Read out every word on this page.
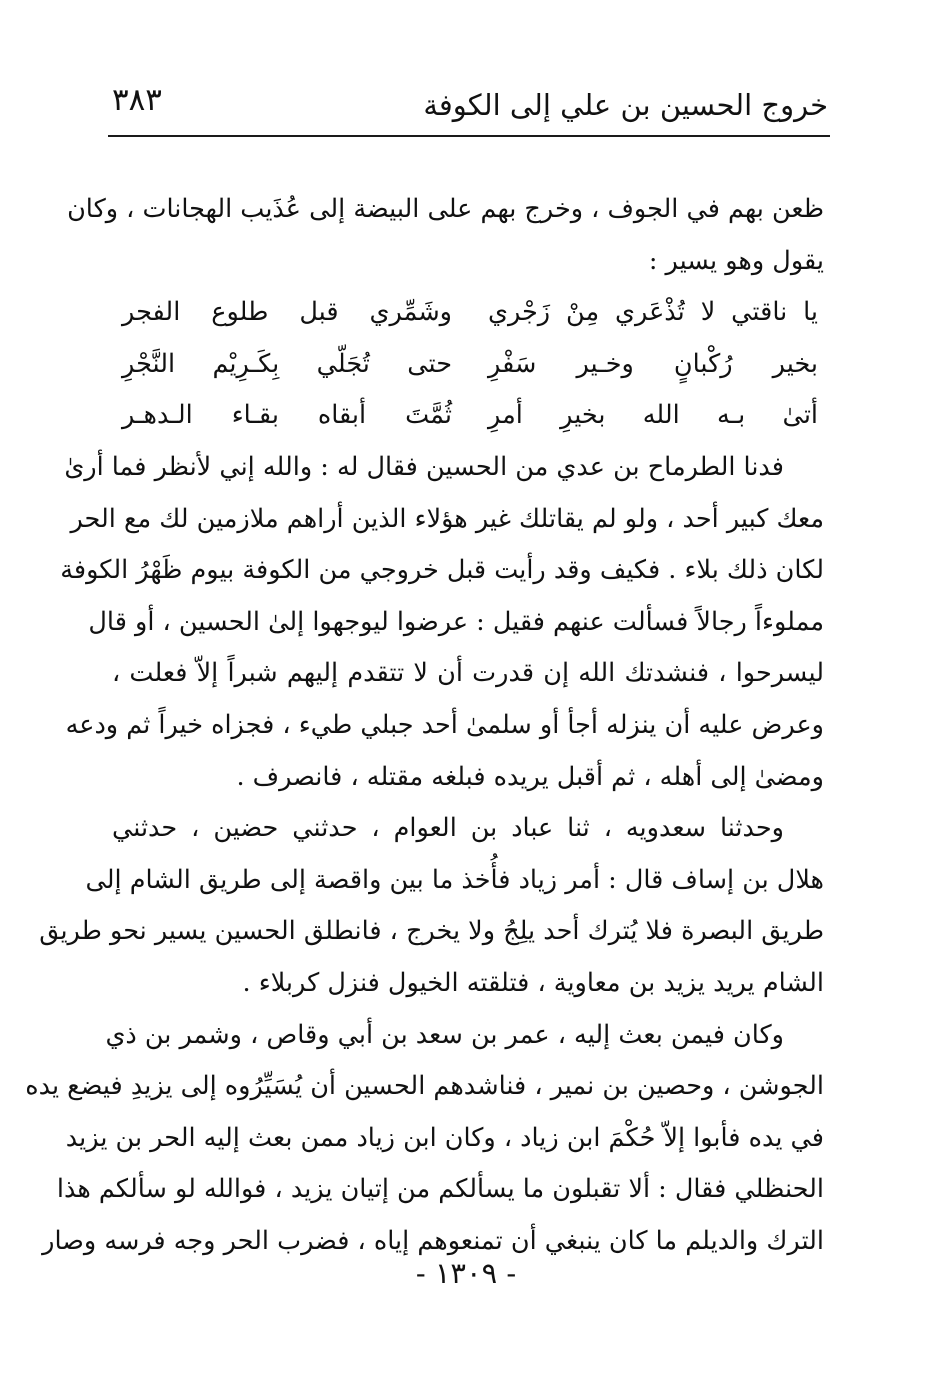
خروج الحسين بن علي إلى الكوفة
٣٨٣
ظعن بهم في الجوف ، وخرج بهم على البيضة إلى عُذَيب الهجانات ، وكان
يقول وهو يسير :
يا ناقتي لا تُذْعَري مِنْ زَجْري
وشَمِّري قبل طلوع الفجر
بخير رُكْبانٍ وخـير سَفْرِ
حتى تُجَلّي بِكَـرِيْم النَّجْرِ
أتىٰ بـه الله بخيرِ أمرِ
ثُمَّتَ أبقاه بقـاء الـدهـر
فدنا الطرماح بن عدي من الحسين فقال له : والله إني لأنظر فما أرىٰ
معك كبير أحد ، ولو لم يقاتلك غير هؤلاء الذين أراهم ملازمين لك مع الحر
لكان ذلك بلاء . فكيف وقد رأيت قبل خروجي من الكوفة بيوم ظَهْرُ الكوفة
مملوءاً رجالاً فسألت عنهم فقيل : عرضوا ليوجهوا إلىٰ الحسين ، أو قال
ليسرحوا ، فنشدتك الله إن قدرت أن لا تتقدم إليهم شبراً إلاّ فعلت ،
وعرض عليه أن ينزله أجأ أو سلمىٰ أحد جبلي طيء ، فجزاه خيراً ثم ودعه
ومضىٰ إلى أهله ، ثم أقبل يريده فبلغه مقتله ، فانصرف .
وحدثنا سعدويه ، ثنا عباد بن العوام ، حدثني حضين ، حدثني
هلال بن إساف قال : أمر زياد فأُخذ ما بين واقصة إلى طريق الشام إلى
طريق البصرة فلا يُترك أحد يلِجُ ولا يخرج ، فانطلق الحسين يسير نحو طريق
الشام يريد يزيد بن معاوية ، فتلقته الخيول فنزل كربلاء .
وكان فيمن بعث إليه ، عمر بن سعد بن أبي وقاص ، وشمر بن ذي
الجوشن ، وحصين بن نمير ، فناشدهم الحسين أن يُسَيِّرُوه إلى يزيدِ فيضع يده
في يده فأبوا إلاّ حُكْمَ ابن زياد ، وكان ابن زياد ممن بعث إليه الحر بن يزيد
الحنظلي فقال : ألا تقبلون ما يسألكم من إتيان يزيد ، فوالله لو سألكم هذا
الترك والديلم ما كان ينبغي أن تمنعوهم إياه ، فضرب الحر وجه فرسه وصار
- ١٣٠٩ -
